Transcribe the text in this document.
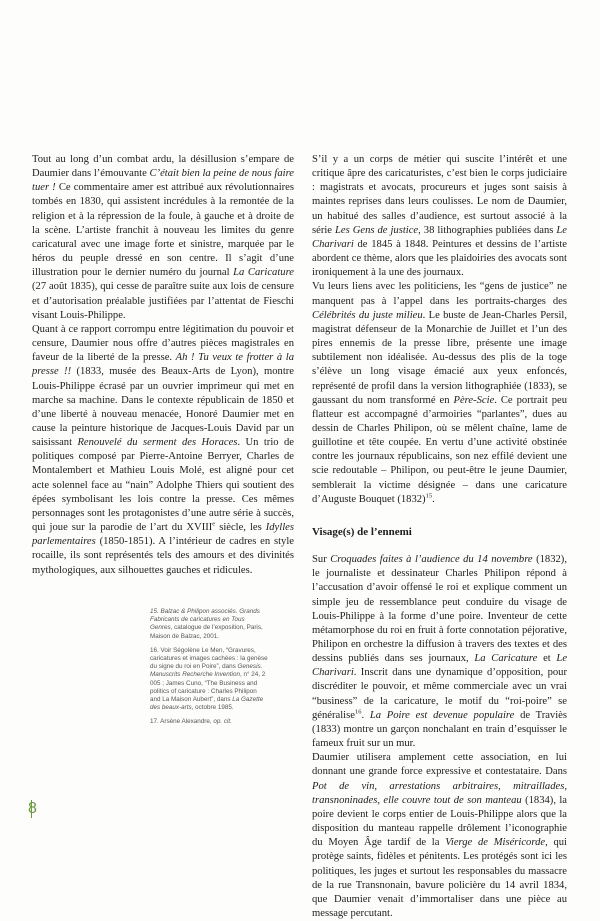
Tout au long d’un combat ardu, la désillusion s’empare de Daumier dans l’émouvante C’était bien la peine de nous faire tuer ! Ce commentaire amer est attribué aux révolutionnaires tombés en 1830, qui assistent incrédules à la remontée de la religion et à la répression de la foule, à gauche et à droite de la scène. L’artiste franchit à nouveau les limites du genre caricatural avec une image forte et sinistre, marquée par le héros du peuple dressé en son centre. Il s’agit d’une illustration pour le dernier numéro du journal La Caricature (27 août 1835), qui cesse de paraître suite aux lois de censure et d’autorisation préalable justifiées par l’attentat de Fieschi visant Louis-Philippe.

Quant à ce rapport corrompu entre légitimation du pouvoir et censure, Daumier nous offre d’autres pièces magistrales en faveur de la liberté de la presse. Ah ! Tu veux te frotter à la presse !! (1833, musée des Beaux-Arts de Lyon), montre Louis-Philippe écrasé par un ouvrier imprimeur qui met en marche sa machine. Dans le contexte républicain de 1850 et d’une liberté à nouveau menacée, Honoré Daumier met en cause la peinture historique de Jacques-Louis David par un saisissant Renouvelé du serment des Horaces. Un trio de politiques composé par Pierre-Antoine Berryer, Charles de Montalembert et Mathieu Louis Molé, est aligné pour cet acte solennel face au “nain” Adolphe Thiers qui soutient des épées symbolisant les lois contre la presse. Ces mêmes personnages sont les protagonistes d’une autre série à succès, qui joue sur la parodie de l’art du XVIIIe siècle, les Idylles parlementaires (1850-1851). A l’intérieur de cadres en style rocaille, ils sont représentés tels des amours et des divinités mythologiques, aux silhouettes gauches et ridicules.

S’il y a un corps de métier qui suscite l’intérêt et une critique âpre des caricaturistes, c’est bien le corps judiciaire : magistrats et avocats, procureurs et juges sont saisis à maintes reprises dans leurs coulisses. Le nom de Daumier, un habitué des salles d’audience, est surtout associé à la série Les Gens de justice, 38 lithographies publiées dans Le Charivari de 1845 à 1848. Peintures et dessins de l’artiste abordent ce thème, alors que les plaidoiries des avocats sont ironiquement à la une des journaux.

Vu leurs liens avec les politiciens, les “gens de justice” ne manquent pas à l’appel dans les portraits-charges des Célébrités du juste milieu. Le buste de Jean-Charles Persil, magistrat défenseur de la Monarchie de Juillet et l’un des pires ennemis de la presse libre, présente une image subtilement non idéalisée. Au-dessus des plis de la toge s’élève un long visage émacié aux yeux enfoncés, représenté de profil dans la version lithographiée (1833), se gaussant du nom transformé en Père-Scie. Ce portrait peu flatteur est accompagné d’armoiries “parlantes”, dues au dessin de Charles Philipon, où se mêlent chaîne, lame de guillotine et tête coupée. En vertu d’une activité obstinée contre les journaux républicains, son nez effilé devient une scie redoutable – Philipon, ou peut-être le jeune Daumier, semblerait la victime désignée – dans une caricature d’Auguste Bouquet $(1832)^{15}$.

Visage(s) de l’ennemi

Sur Croquades faites à l’audience du 14 novembre (1832), le journaliste et dessinateur Charles Philipon répond à l’accusation d’avoir offensé le roi et explique comment un simple jeu de ressemblance peut conduire du visage de Louis-Philippe à la forme d’une poire. Inventeur de cette métamorphose du roi en fruit à forte connotation péjorative, Philipon en orchestre la diffusion à travers des textes et des dessins publiés dans ses journaux, La Caricature et Le Charivari. Inscrit dans une dynamique d’opposition, pour discréditer le pouvoir, et même commerciale avec un vrai “business” de la caricature, le motif du “roi-poire” se généralise$^{16}$. La Poire est devenue populaire de Traviès (1833) montre un garçon nonchalant en train d’esquisser le fameux fruit sur un mur.

Daumier utilisera amplement cette association, en lui donnant une grande force expressive et contestataire. Dans Pot de vin, arrestations arbitraires, mitraillades, transnoninades, elle couvre tout de son manteau (1834), la poire devient le corps entier de Louis-Philippe alors que la disposition du manteau rappelle drôlement l’iconographie du Moyen Âge tardif de la Vierge de Miséricorde, qui protège saints, fidèles et pénitents. Les protégés sont ici les politiques, les juges et surtout les responsables du massacre de la rue Transnonain, bavure policière du 14 avril 1834, que Daumier venait d’immortaliser dans une pièce au message percutant.

15. Balzac & Philipon associés. Grands Fabricants de caricatures en Tous Genres, catalogue de l’exposition, Paris, Maison de Balzac, 2001.

16. Voir Ségolène Le Men, “Gravures, caricatures et images cachées : la genèse du signe du roi en Poire”, dans Genesis. Manuscrits Recherche Invention, n° 24, 2 005 ; James Cuno, “The Business and politics of caricature : Charles Philipon and La Maison Aubert”, dans La Gazette des beaux-arts, octobre 1985.

17. Arsène Alexandre, op. cit.

8
